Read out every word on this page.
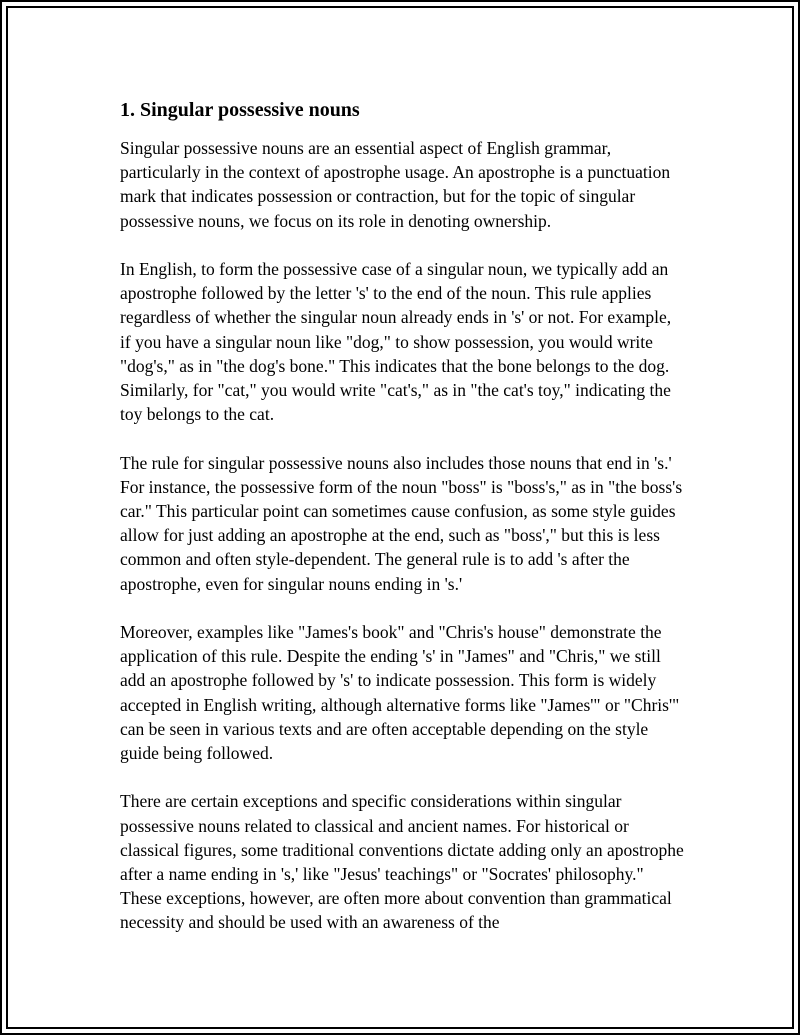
1. Singular possessive nouns

Singular possessive nouns are an essential aspect of English grammar, particularly in the context of apostrophe usage. An apostrophe is a punctuation mark that indicates possession or contraction, but for the topic of singular possessive nouns, we focus on its role in denoting ownership.

In English, to form the possessive case of a singular noun, we typically add an apostrophe followed by the letter 's' to the end of the noun. This rule applies regardless of whether the singular noun already ends in 's' or not. For example, if you have a singular noun like "dog," to show possession, you would write "dog's," as in "the dog's bone." This indicates that the bone belongs to the dog. Similarly, for "cat," you would write "cat's," as in "the cat's toy," indicating the toy belongs to the cat.

The rule for singular possessive nouns also includes those nouns that end in 's.' For instance, the possessive form of the noun "boss" is "boss's," as in "the boss's car." This particular point can sometimes cause confusion, as some style guides allow for just adding an apostrophe at the end, such as "boss'," but this is less common and often style-dependent. The general rule is to add 's after the apostrophe, even for singular nouns ending in 's.'

Moreover, examples like "James's book" and "Chris's house" demonstrate the application of this rule. Despite the ending 's' in "James" and "Chris," we still add an apostrophe followed by 's' to indicate possession. This form is widely accepted in English writing, although alternative forms like "James'" or "Chris'" can be seen in various texts and are often acceptable depending on the style guide being followed.

There are certain exceptions and specific considerations within singular possessive nouns related to classical and ancient names. For historical or classical figures, some traditional conventions dictate adding only an apostrophe after a name ending in 's,' like "Jesus' teachings" or "Socrates' philosophy." These exceptions, however, are often more about convention than grammatical necessity and should be used with an awareness of the
